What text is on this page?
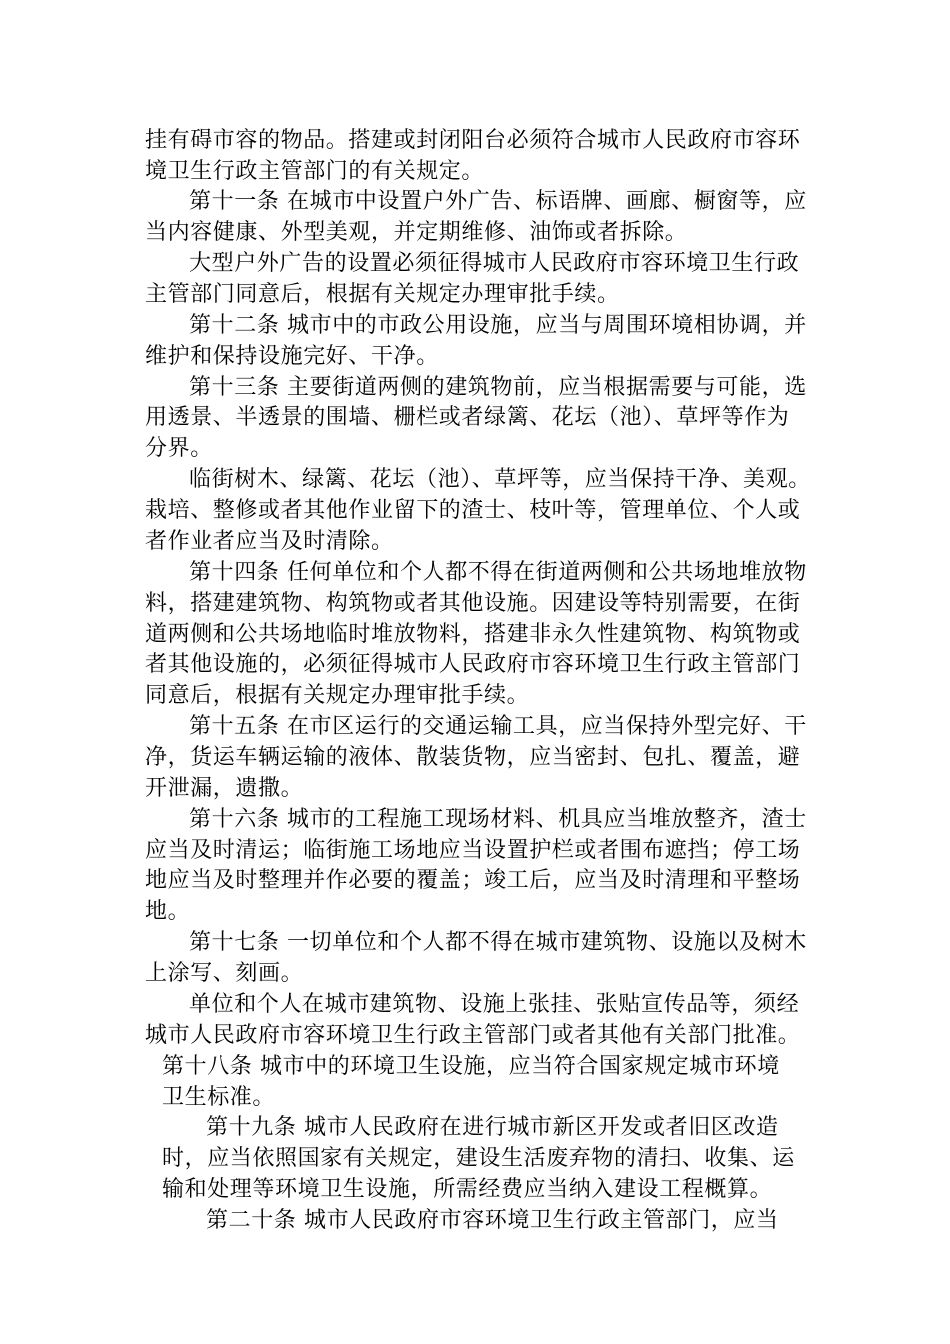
挂有碍市容的物品。搭建或封闭阳台必须符合城市人民政府市容环
境卫生行政主管部门的有关规定。
第十一条 在城市中设置户外广告、标语牌、画廊、橱窗等，应
当内容健康、外型美观，并定期维修、油饰或者拆除。
大型户外广告的设置必须征得城市人民政府市容环境卫生行政
主管部门同意后，根据有关规定办理审批手续。
第十二条 城市中的市政公用设施，应当与周围环境相协调，并
维护和保持设施完好、干净。
第十三条 主要街道两侧的建筑物前，应当根据需要与可能，选
用透景、半透景的围墙、栅栏或者绿篱、花坛（池）、草坪等作为
分界。
临街树木、绿篱、花坛（池）、草坪等，应当保持干净、美观。
栽培、整修或者其他作业留下的渣士、枝叶等，管理单位、个人或
者作业者应当及时清除。
第十四条 任何单位和个人都不得在街道两侧和公共场地堆放物
料，搭建建筑物、构筑物或者其他设施。因建设等特别需要，在街
道两侧和公共场地临时堆放物料，搭建非永久性建筑物、构筑物或
者其他设施的，必须征得城市人民政府市容环境卫生行政主管部门
同意后，根据有关规定办理审批手续。
第十五条 在市区运行的交通运输工具，应当保持外型完好、干
净，货运车辆运输的液体、散装货物，应当密封、包扎、覆盖，避
开泄漏，遗撒。
第十六条 城市的工程施工现场材料、机具应当堆放整齐，渣士
应当及时清运；临街施工场地应当设置护栏或者围布遮挡；停工场
地应当及时整理并作必要的覆盖；竣工后，应当及时清理和平整场
地。
第十七条 一切单位和个人都不得在城市建筑物、设施以及树木
上涂写、刻画。
单位和个人在城市建筑物、设施上张挂、张贴宣传品等，须经
城市人民政府市容环境卫生行政主管部门或者其他有关部门批准。
第十八条 城市中的环境卫生设施，应当符合国家规定城市环境
卫生标准。
第十九条 城市人民政府在进行城市新区开发或者旧区改造
时，应当依照国家有关规定，建设生活废弃物的清扫、收集、运
输和处理等环境卫生设施，所需经费应当纳入建设工程概算。
第二十条 城市人民政府市容环境卫生行政主管部门，应当
